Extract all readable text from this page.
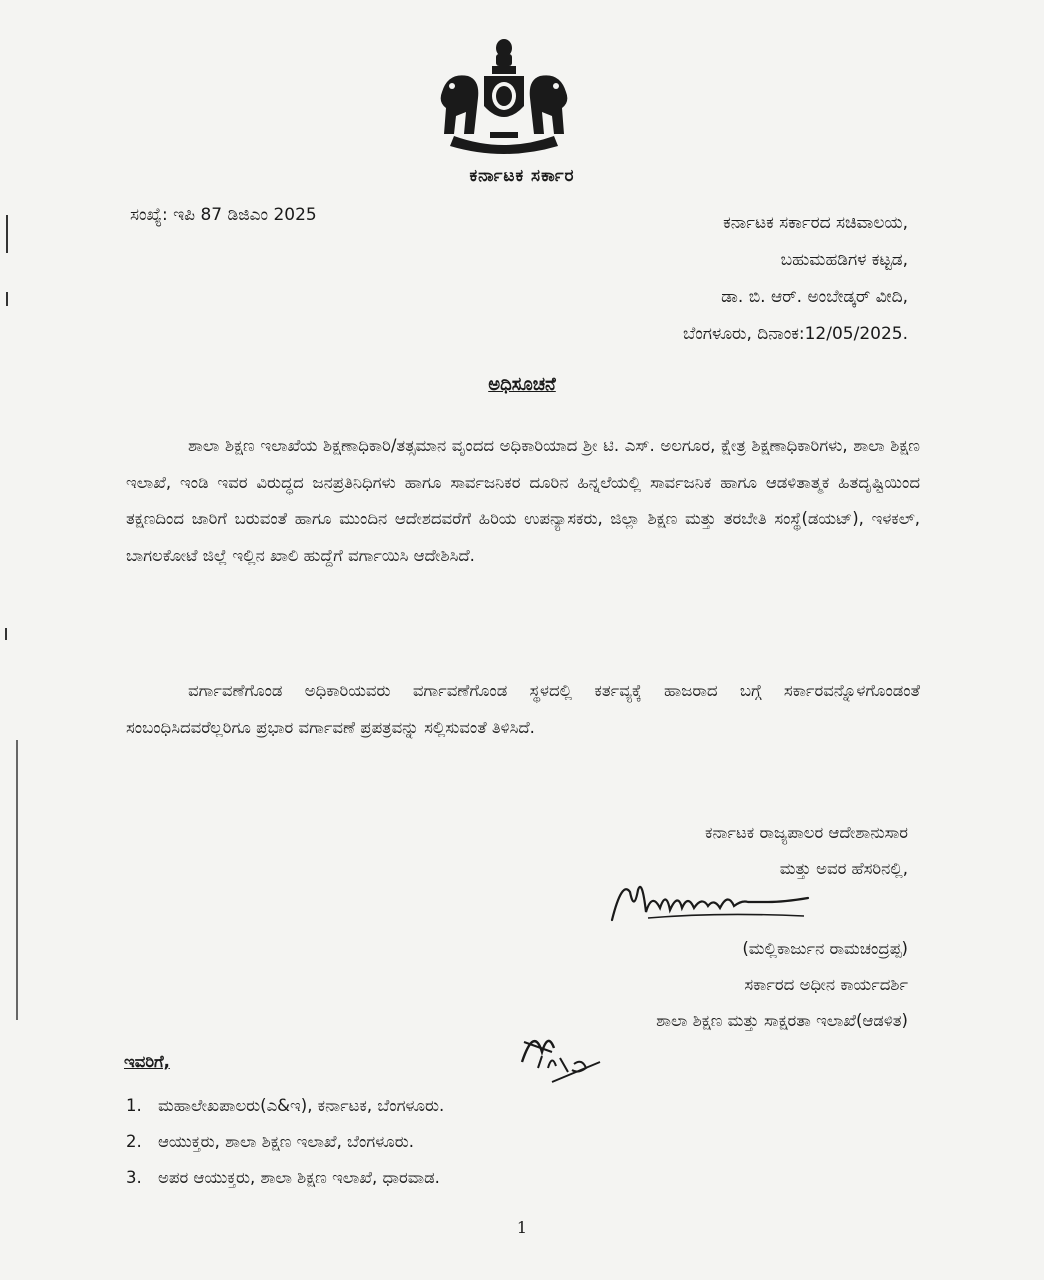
ಕರ್ನಾಟಕ ಸರ್ಕಾರ
ಸಂಖ್ಯೆ: ಇಪಿ 87 ಡಿಜಿಎಂ 2025	ಕರ್ನಾಟಕ ಸರ್ಕಾರದ ಸಚಿವಾಲಯ,
ಬಹುಮಹಡಿಗಳ ಕಟ್ಟಡ,
ಡಾ. ಬಿ. ಆರ್. ಅಂಬೇಡ್ಕರ್ ವೀದಿ,
ಬೆಂಗಳೂರು, ದಿನಾಂಕ:12/05/2025.
ಅಧಿಸೂಚನೆ

ಶಾಲಾ ಶಿಕ್ಷಣ ಇಲಾಖೆಯ ಶಿಕ್ಷಣಾಧಿಕಾರಿ/ತತ್ಸಮಾನ ವೃಂದದ ಅಧಿಕಾರಿಯಾದ ಶ್ರೀ ಟಿ. ಎಸ್. ಅಲಗೂರ, ಕ್ಷೇತ್ರ ಶಿಕ್ಷಣಾಧಿಕಾರಿಗಳು, ಶಾಲಾ ಶಿಕ್ಷಣ ಇಲಾಖೆ, ಇಂಡಿ ಇವರ ವಿರುದ್ಧದ ಜನಪ್ರತಿನಿಧಿಗಳು ಹಾಗೂ ಸಾರ್ವಜನಿಕರ ದೂರಿನ ಹಿನ್ನಲೆಯಲ್ಲಿ ಸಾರ್ವಜನಿಕ ಹಾಗೂ ಆಡಳಿತಾತ್ಮಕ ಹಿತದೃಷ್ಟಿಯಿಂದ ತಕ್ಷಣದಿಂದ ಜಾರಿಗೆ ಬರುವಂತೆ ಹಾಗೂ ಮುಂದಿನ ಆದೇಶದವರೆಗೆ ಹಿರಿಯ ಉಪನ್ಯಾಸಕರು, ಜಿಲ್ಲಾ ಶಿಕ್ಷಣ ಮತ್ತು ತರಬೇತಿ ಸಂಸ್ಥೆ(ಡಯಟ್), ಇಳಕಲ್, ಬಾಗಲಕೋಟೆ ಜಿಲ್ಲೆ ಇಲ್ಲಿನ ಖಾಲಿ ಹುದ್ದೆಗೆ ವರ್ಗಾಯಿಸಿ ಆದೇಶಿಸಿದೆ.

ವರ್ಗಾವಣೆಗೊಂಡ ಅಧಿಕಾರಿಯವರು ವರ್ಗಾವಣೆಗೊಂಡ ಸ್ಥಳದಲ್ಲಿ ಕರ್ತವ್ಯಕ್ಕೆ ಹಾಜರಾದ ಬಗ್ಗೆ ಸರ್ಕಾರವನ್ನೊಳಗೊಂಡಂತೆ ಸಂಬಂಧಿಸಿದವರೆಲ್ಲರಿಗೂ ಪ್ರಭಾರ ವರ್ಗಾವಣೆ ಪ್ರಪತ್ರವನ್ನು ಸಲ್ಲಿಸುವಂತೆ ತಿಳಿಸಿದೆ.

ಕರ್ನಾಟಕ ರಾಜ್ಯಪಾಲರ ಆದೇಶಾನುಸಾರ
ಮತ್ತು ಅವರ ಹೆಸರಿನಲ್ಲಿ,
(ಮಲ್ಲಿಕಾರ್ಜುನ ರಾಮಚಂದ್ರಪ್ಪ)
ಸರ್ಕಾರದ ಅಧೀನ ಕಾರ್ಯದರ್ಶಿ
ಶಾಲಾ ಶಿಕ್ಷಣ ಮತ್ತು ಸಾಕ್ಷರತಾ ಇಲಾಖೆ(ಆಡಳಿತ)
ಇವರಿಗೆ,
1. ಮಹಾಲೇಖಪಾಲರು(ಎ&ಇ), ಕರ್ನಾಟಕ, ಬೆಂಗಳೂರು.
2. ಆಯುಕ್ತರು, ಶಾಲಾ ಶಿಕ್ಷಣ ಇಲಾಖೆ, ಬೆಂಗಳೂರು.
3. ಅಪರ ಆಯುಕ್ತರು, ಶಾಲಾ ಶಿಕ್ಷಣ ಇಲಾಖೆ, ಧಾರವಾಡ.
1
